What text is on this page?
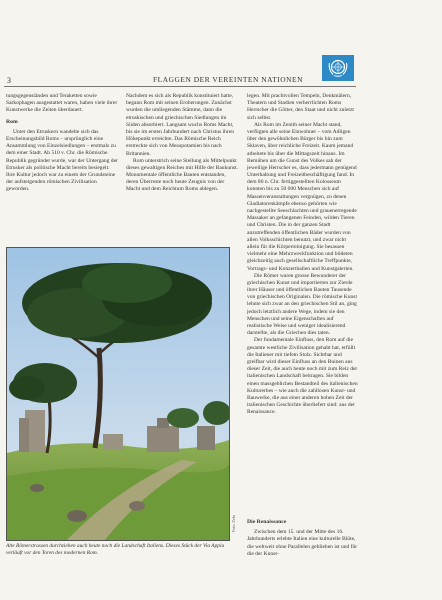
3	FLAGGEN DER VEREINTEN NATIONEN

tungsgegenständen und Teraketten sowie Sarkophagen ausgestattet waren, haben viele ihrer Kunstwerke die Zeiten überdauert.

Rom

Unter den Etruskern wandelte sich das Erscheinungsbild Roms – ursprünglich eine Ansammlung von Einzelsiedlungen – erstmals zu dem einer Stadt. Ab 510 v. Chr. die Römische Republik gegründet wurde, war der Untergang der Etrusker als politische Macht bereits besiegelt. Ihre Kultur jedoch war zu einem der Grundsteine der aufsteigenden römischen Zivilisation geworden.

Nachdem es sich als Republik konstituiert hatte, begann Rom mit seinen Eroberungen. Zunächst wurden die umliegenden Stämme, dann die etruskischen und griechischen Siedlungen im Süden absorbiert. Langsam wuchs Roms Macht, bis sie im ersten Jahrhundert nach Christus ihren Höhepunkt erreichte. Das Römische Reich erstreckte sich von Mesopotamien bis nach Britannien.

Rom unterstrich seine Stellung als Mittelpunkt dieses gewaltigen Reiches mit Hilfe der Baukunst. Monumentale öffentliche Bauten entstanden, deren Überreste noch heute Zeugnis von der Macht und dem Reichtum Roms ablegen.

legen. Mit prachtvollen Tempeln, Denkmälern, Theatern und Stadien verherrlichten Roms Herrscher die Götter, den Staat und nicht zuletzt sich selbst.

Als Rom im Zenith seiner Macht stand, verfügten alle seine Einwohner – vom Adligen über den gewöhnlichen Bürger bis hin zum Sklaven, über reichliche Freizeit. Kaum jemand arbeitete bis über die Mittagszeit hinaus. Im Bemühen um die Gunst des Volkes sah der jeweilige Herrscher es, dass jedermann genügend Unterhaltung und Freizeitbeschäftigung fand. In dem 80 n. Chr. fertiggestellten Kolosseum konnten bis zu 50 000 Menschen sich auf Massenveranstaltungen vergnügen, zu denen Gladiatorenkämpfe ebenso gehörten wie nachgestellte Seeschlachten und grauenerregende Massaker an gefangenen Feinden, wilden Tieren und Christen. Die in der ganzen Stadt anzutreffenden öffentlichen Bäder wurden von allen Volksschichten benutzt, und zwar nicht allein für die Körperreinigung. Sie besassen vielmehr eine Mehrzweckfunktion und bildeten gleichzeitig auch gesellschaftliche Treffpunkte, Vortrags- und Konzerthallen und Kunstgalerien.

Die Römer waren grosse Bewunderer der griechischen Kunst und importierten zur Zierde ihrer Häuser und öffentlichen Bauten Tausende von griechischen Originalen. Die römische Kunst lehnte sich zwar an den griechischen Stil an, ging jedoch letztlich andere Wege, indem sie den Menschen und seine Eigenschaften auf realistische Weise und weniger idealisierend darstellte, als die Griechen dies taten.

Der fundamentale Einfluss, den Rom auf die gesamte westliche Zivilisation gehabt hat, erfüllt die Italiener mit tiefem Stolz. Sichtbar und greifbar wird dieser Einfluss an den Ruinen aus dieser Zeit, die auch heute noch mit zum Reiz der italienischen Landschaft beitragen. Sie bilden einen massgeblichen Bestandteil des italienischen Kulturerbes – wie auch die zahllosen Kunst- und Bauwerke, die aus einer anderen hohen Zeit der italienischen Geschichte überliefert sind: aus der Renaissance.

Die Renaissance

Zwischen dem 15. und der Mitte des 16. Jahrhunderts erlebte Italien eine kulturelle Blüte, die weltweit ohne Parallelen geblieben ist und für die der Kunst-

Foto: Zefa
Alte Römerstrassen durchziehen auch heute noch die Landschaft Italiens. Dieses Stück der Via Appia verläuft vor den Toren des modernen Rom.
